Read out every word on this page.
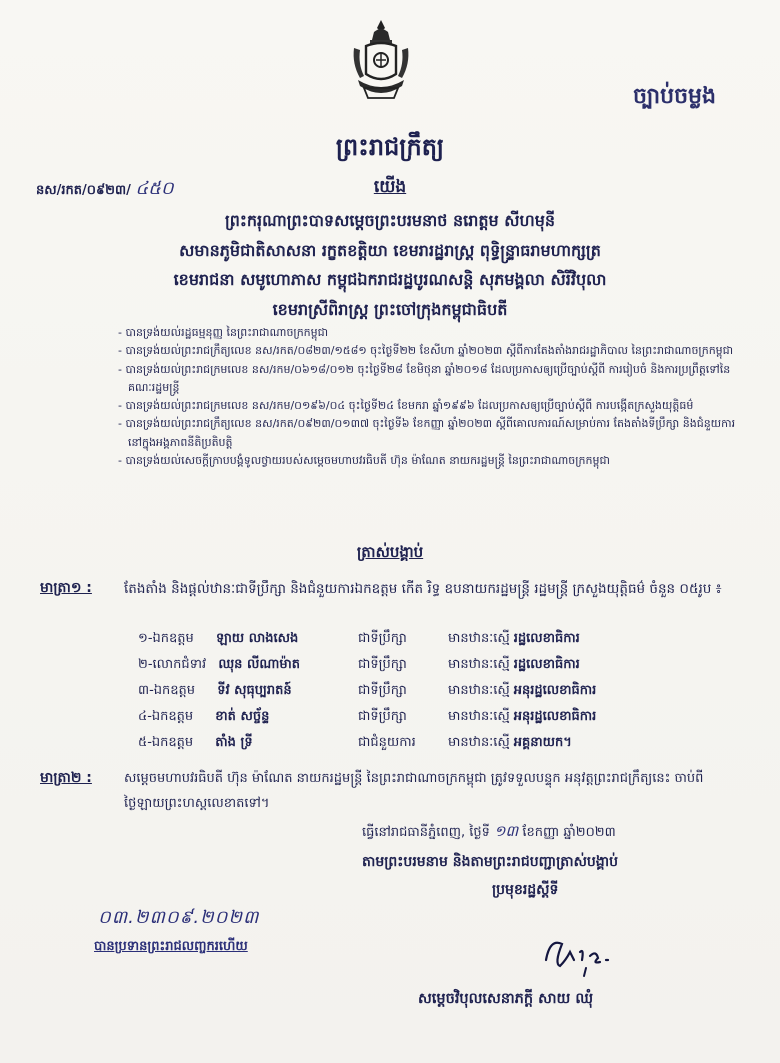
ច្បាប់ចម្លង
ព្រះរាជក្រឹត្យ
នស/រកត/០៩២៣/ ៤៥០	យើង
ព្រះករុណាព្រះបាទសម្តេចព្រះបរមនាថ នរោត្តម សីហមុនី
សមានភូមិជាតិសាសនា រក្ខតខត្តិយា ខេមរារដ្ឋរាស្ត្រ ពុទ្ធិន្ទ្រាធរាមហាក្សត្រ
ខេមរាជនា សមូហោភាស កម្ពុជឯករាជរដ្ឋបូរណសន្តិ សុភមង្គលា សិរីវិបុលា
ខេមរាស្រីពិរាស្ត្រ ព្រះចៅក្រុងកម្ពុជាធិបតី
- បានទ្រង់យល់រដ្ឋធម្មនុញ្ញ នៃព្រះរាជាណាចក្រកម្ពុជា
- បានទ្រង់យល់ព្រះរាជក្រឹត្យលេខ នស/រកត/០៨២៣/១៥៨១ ចុះថ្ងៃទី២២ ខែសីហា ឆ្នាំ២០២៣ ស្តីពីការតែងតាំងរាជរដ្ឋាភិបាល នៃព្រះរាជាណាចក្រកម្ពុជា
- បានទ្រង់យល់ព្រះរាជក្រមលេខ នស/រកម/០៦១៨/០១២ ចុះថ្ងៃទី២៨ ខែមិថុនា ឆ្នាំ២០១៨ ដែលប្រកាសឲ្យប្រើច្បាប់ស្តីពី ការរៀបចំ និងការប្រព្រឹត្តទៅនៃគណៈរដ្ឋមន្ត្រី
- បានទ្រង់យល់ព្រះរាជក្រមលេខ នស/រកម/០១៩៦/០៤ ចុះថ្ងៃទី២៤ ខែមករា ឆ្នាំ១៩៩៦ ដែលប្រកាសឲ្យប្រើច្បាប់ស្តីពី ការបង្កើតក្រសួងយុត្តិធម៌
- បានទ្រង់យល់ព្រះរាជក្រឹត្យលេខ នស/រកត/០៩២៣/០១៣៧ ចុះថ្ងៃទី៦ ខែកញ្ញា ឆ្នាំ២០២៣ ស្តីពីគោលការណ៍សម្រាប់ការ តែងតាំងទីប្រឹក្សា និងជំនួយការនៅក្នុងអង្គភាពនីតិប្រតិបត្តិ
- បានទ្រង់យល់សេចក្តីក្រាបបង្គំទូលថ្វាយរបស់សម្តេចមហាបវរធិបតី ហ៊ុន ម៉ាណែត នាយករដ្ឋមន្ត្រី នៃព្រះរាជាណាចក្រកម្ពុជា
ត្រាស់បង្គាប់
មាត្រា១ : តែងតាំង និងផ្តល់ឋានៈជាទីប្រឹក្សា និងជំនួយការឯកឧត្តម កើត រិទ្ធ ឧបនាយករដ្ឋមន្ត្រី រដ្ឋមន្ត្រី ក្រសួងយុត្តិធម៌ ចំនួន ០៥រូប ៖
១-ឯកឧត្តម ឡាយ លាងសេង	ជាទីប្រឹក្សា	មានឋានៈស្មើ រដ្ឋលេខាធិការ
២-លោកជំទាវ ឈុន លីណាម៉ាត	ជាទីប្រឹក្សា	មានឋានៈស្មើ រដ្ឋលេខាធិការ
៣-ឯកឧត្តម ទីវ សុធុប្បរាតន៍	ជាទីប្រឹក្សា	មានឋានៈស្មើ អនុរដ្ឋលេខាធិការ
៤-ឯកឧត្តម ខាត់ សច្ច័ន្ទ	ជាទីប្រឹក្សា	មានឋានៈស្មើ អនុរដ្ឋលេខាធិការ
៥-ឯកឧត្តម តាំង ទ្រី	ជាជំនួយការ មានឋានៈស្មើ អគ្គនាយក។
មាត្រា២ : សម្តេចមហាបវរធិបតី ហ៊ុន ម៉ាណែត នាយករដ្ឋមន្ត្រី នៃព្រះរាជាណាចក្រកម្ពុជា ត្រូវទទួលបន្ទុក អនុវត្តព្រះរាជក្រឹត្យនេះ ចាប់ពីថ្ងៃឡាយព្រះហស្តលេខាតទៅ។
ធ្វើនៅរាជធានីភ្នំពេញ, ថ្ងៃទី ១៣ ខែកញ្ញា ឆ្នាំ២០២៣
តាមព្រះបរមនាម និងតាមព្រះរាជបញ្ជាត្រាស់បង្គាប់
ប្រមុខរដ្ឋស្តីទី
០៣.២៣០៩.២០២៣
បានប្រទានព្រះរាជលញ្ចករហើយ
សម្តេចវិបុលសេនាភក្តី សាយ ឈុំ
